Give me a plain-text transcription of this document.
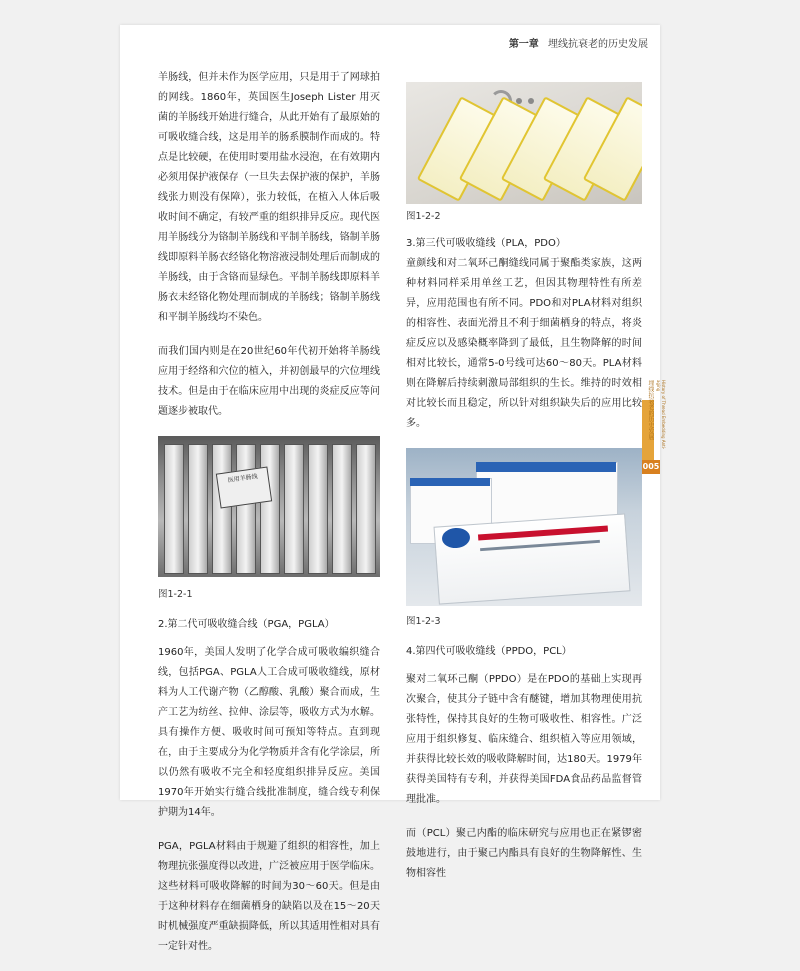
第一章 埋线抗衰老的历史发展

羊肠线，但并未作为医学应用，只是用于了网球拍的网线。1860年，英国医生Joseph Lister 用灭菌的羊肠线开始进行缝合，从此开始有了最原始的可吸收缝合线，这是用羊的肠系膜制作而成的。特点是比较硬，在使用时要用盐水浸泡，在有效期内必须用保护液保存（一旦失去保护液的保护，羊肠线张力则没有保障），张力较低，在植入人体后吸收时间不确定，有较严重的组织排异反应。现代医用羊肠线分为铬制羊肠线和平制羊肠线，铬制羊肠线即原料羊肠衣经铬化物溶液浸制处理后而制成的羊肠线，由于含铬而显绿色。平制羊肠线即原料羊肠衣未经铬化物处理而制成的羊肠线；铬制羊肠线和平制羊肠线均不染色。

而我们国内则是在20世纪60年代初开始将羊肠线应用于经络和穴位的植入，并初创最早的穴位埋线技术。但是由于在临床应用中出现的炎症反应等问题逐步被取代。

医用羊肠线
图1-2-1
2.第二代可吸收缝合线（PGA，PGLA）

1960年，美国人发明了化学合成可吸收编织缝合线，包括PGA、PGLA人工合成可吸收缝线，原材料为人工代谢产物（乙醇酸、乳酸）聚合而成，生产工艺为纺丝、拉伸、涂层等，吸收方式为水解。具有操作方便、吸收时间可预知等特点。直到现在，由于主要成分为化学物质并含有化学涂层，所以仍然有吸收不完全和轻度组织排异反应。美国1970年开始实行缝合线批准制度，缝合线专利保护期为14年。

PGA，PGLA材料由于规避了组织的相容性，加上物理抗张强度得以改进，广泛被应用于医学临床。这些材料可吸收降解的时间为30～60天。但是由于这种材料存在细菌栖身的缺陷以及在15～20天时机械强度严重缺损降低，所以其适用性相对具有一定针对性。

图1-2-2
3.第三代可吸收缝线（PLA，PDO）

童颜线和对二氧环己酮缝线同属于聚酯类家族，这两种材料同样采用单丝工艺，但因其物理特性有所差异，应用范围也有所不同。PDO和对PLA材料对组织的相容性、表面光滑且不利于细菌栖身的特点，将炎症反应以及感染概率降到了最低，且生物降解的时间相对比较长，通常5-0号线可达60～80天。PLA材料则在降解后持续刺激局部组织的生长。维持的时效相对比较长而且稳定，所以针对组织缺失后的应用比较多。

图1-2-3
4.第四代可吸收缝线（PPDO，PCL）

聚对二氧环己酮（PPDO）是在PDO的基础上实现再次聚合，使其分子链中含有醚键，增加其物理使用抗张特性，保持其良好的生物可吸收性、相容性。广泛应用于组织修复、临床缝合、组织植入等应用领域，并获得比较长效的吸收降解时间，达180天。1979年获得美国特有专利，并获得美国FDA食品药品监督管理批准。

而（PCL）聚己内酯的临床研究与应用也正在紧锣密鼓地进行，由于聚己内酯具有良好的生物降解性、生物相容性

埋线抗衰老的历史发展	History of Thread Embedding Anti-aging
005
